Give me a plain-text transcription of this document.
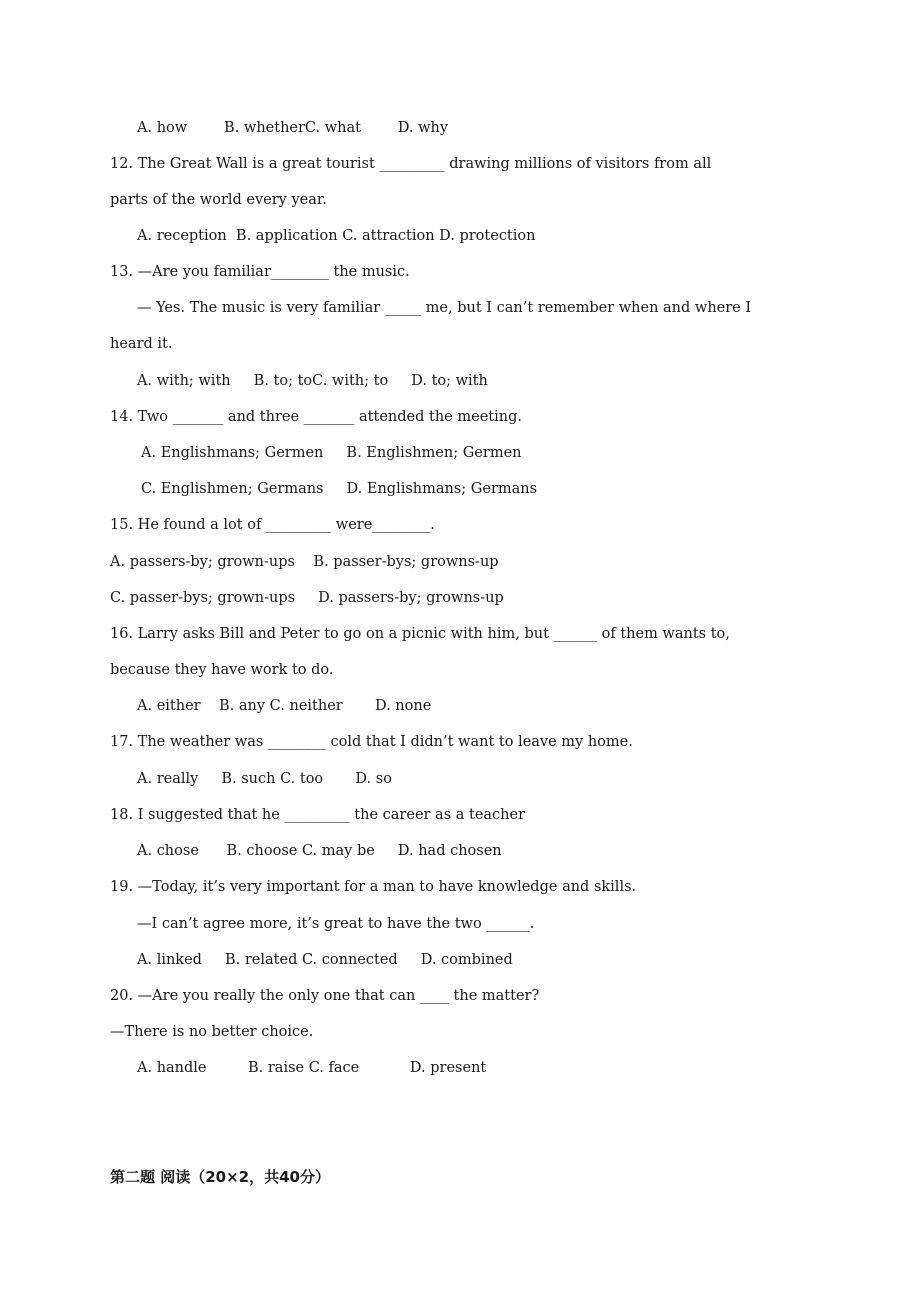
A. how        B. whetherC. what        D. why
12. The Great Wall is a great tourist _________ drawing millions of visitors from all
parts of the world every year.
A. reception  B. application C. attraction D. protection
13. —Are you familiar________ the music.
— Yes. The music is very familiar _____ me, but I can’t remember when and where I
heard it.
A. with; with     B. to; toC. with; to     D. to; with
14. Two _______ and three _______ attended the meeting.
A. Englishmans; Germen     B. Englishmen; Germen
C. Englishmen; Germans     D. Englishmans; Germans
15. He found a lot of _________ were________.
A. passers-by; grown-ups    B. passer-bys; growns-up
C. passer-bys; grown-ups     D. passers-by; growns-up
16. Larry asks Bill and Peter to go on a picnic with him, but ______ of them wants to,
because they have work to do.
A. either    B. any C. neither       D. none
17. The weather was ________ cold that I didn’t want to leave my home.
A. really     B. such C. too       D. so
18. I suggested that he _________ the career as a teacher
A. chose      B. choose C. may be     D. had chosen
19. —Today, it’s very important for a man to have knowledge and skills.
—I can’t agree more, it’s great to have the two ______.
A. linked     B. related C. connected     D. combined
20. —Are you really the only one that can ____ the matter?
—There is no better choice.
A. handle         B. raise C. face           D. present
第二题 阅读（20×2，共40分）
